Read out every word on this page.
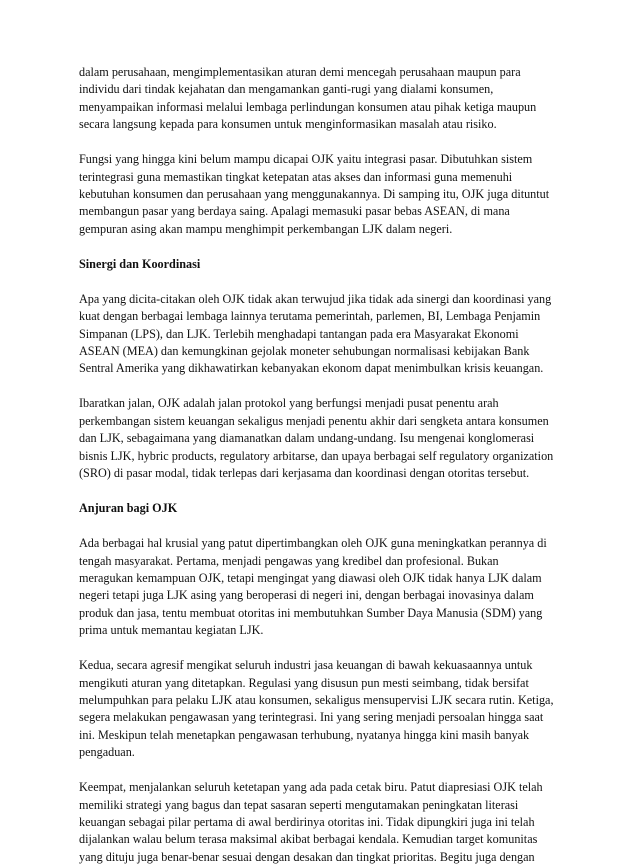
dalam perusahaan, mengimplementasikan aturan demi mencegah perusahaan maupun para
individu dari tindak kejahatan dan mengamankan ganti-rugi yang dialami konsumen,
menyampaikan informasi melalui lembaga perlindungan konsumen atau pihak ketiga maupun
secara langsung kepada para konsumen untuk menginformasikan masalah atau risiko.
Fungsi yang hingga kini belum mampu dicapai OJK yaitu integrasi pasar. Dibutuhkan sistem
terintegrasi guna memastikan tingkat ketepatan atas akses dan informasi guna memenuhi
kebutuhan konsumen dan perusahaan yang menggunakannya. Di samping itu, OJK juga dituntut
membangun pasar yang berdaya saing. Apalagi memasuki pasar bebas ASEAN, di mana
gempuran asing akan mampu menghimpit perkembangan LJK dalam negeri.
Sinergi dan Koordinasi
Apa yang dicita-citakan oleh OJK tidak akan terwujud jika tidak ada sinergi dan koordinasi yang
kuat dengan berbagai lembaga lainnya terutama pemerintah, parlemen, BI, Lembaga Penjamin
Simpanan (LPS), dan LJK. Terlebih menghadapi tantangan pada era Masyarakat Ekonomi
ASEAN (MEA) dan kemungkinan gejolak moneter sehubungan normalisasi kebijakan Bank
Sentral Amerika yang dikhawatirkan kebanyakan ekonom dapat menimbulkan krisis keuangan.
Ibaratkan jalan, OJK adalah jalan protokol yang berfungsi menjadi pusat penentu arah
perkembangan sistem keuangan sekaligus menjadi penentu akhir dari sengketa antara konsumen
dan LJK, sebagaimana yang diamanatkan dalam undang-undang. Isu mengenai konglomerasi
bisnis LJK, hybric products, regulatory arbitarse, dan upaya berbagai self regulatory organization
(SRO) di pasar modal, tidak terlepas dari kerjasama dan koordinasi dengan otoritas tersebut.
Anjuran bagi OJK
Ada berbagai hal krusial yang patut dipertimbangkan oleh OJK guna meningkatkan perannya di
tengah masyarakat. Pertama, menjadi pengawas yang kredibel dan profesional. Bukan
meragukan kemampuan OJK, tetapi mengingat yang diawasi oleh OJK tidak hanya LJK dalam
negeri tetapi juga LJK asing yang beroperasi di negeri ini, dengan berbagai inovasinya dalam
produk dan jasa, tentu membuat otoritas ini membutuhkan Sumber Daya Manusia (SDM) yang
prima untuk memantau kegiatan LJK.
Kedua, secara agresif mengikat seluruh industri jasa keuangan di bawah kekuasaannya untuk
mengikuti aturan yang ditetapkan. Regulasi yang disusun pun mesti seimbang, tidak bersifat
melumpuhkan para pelaku LJK atau konsumen, sekaligus mensupervisi LJK secara rutin. Ketiga,
segera melakukan pengawasan yang terintegrasi. Ini yang sering menjadi persoalan hingga saat
ini. Meskipun telah menetapkan pengawasan terhubung, nyatanya hingga kini masih banyak
pengaduan.
Keempat, menjalankan seluruh ketetapan yang ada pada cetak biru. Patut diapresiasi OJK telah
memiliki strategi yang bagus dan tepat sasaran seperti mengutamakan peningkatan literasi
keuangan sebagai pilar pertama di awal berdirinya otoritas ini. Tidak dipungkiri juga ini telah
dijalankan walau belum terasa maksimal akibat berbagai kendala. Kemudian target komunitas
yang dituju juga benar-benar sesuai dengan desakan dan tingkat prioritas. Begitu juga dengan
